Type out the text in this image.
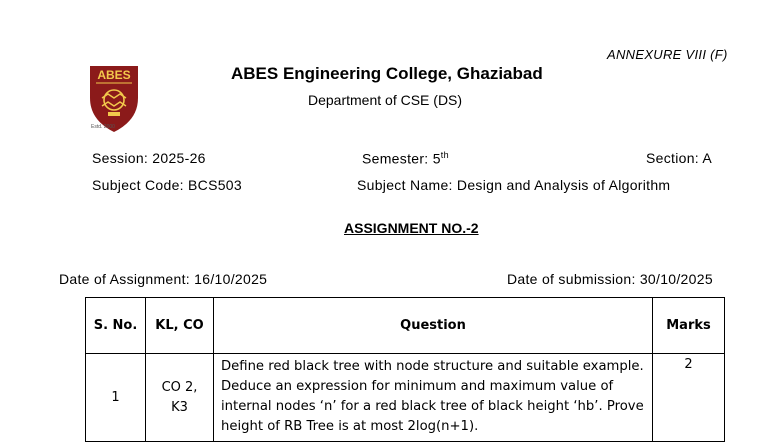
ANNEXURE VIII (F)
ABES
Estd. 2000
ABES Engineering College, Ghaziabad
Department of CSE (DS)
Session: 2025-26	Semester: 5th	Section: A
Subject Code: BCS503	Subject Name: Design and Analysis of Algorithm
ASSIGNMENT NO.-2
Date of Assignment: 16/10/2025	Date of submission: 30/10/2025
S. No.	KL, CO	Question	Marks
1	CO 2, K3	Define red black tree with node structure and suitable example. Deduce an expression for minimum and maximum value of internal nodes ‘n’ for a red black tree of black height ‘hb’. Prove height of RB Tree is at most 2log(n+1).	2
